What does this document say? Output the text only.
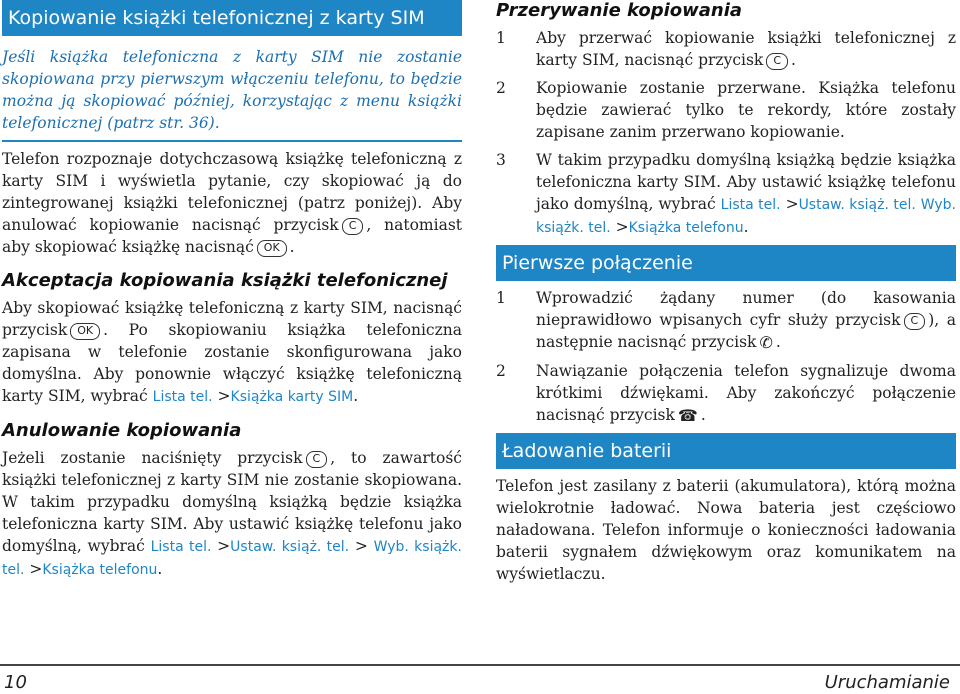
Kopiowanie książki telefonicznej z karty SIM

Jeśli książka telefoniczna z karty SIM nie zostanie skopiowana przy pierwszym włączeniu telefonu, to będzie można ją skopiować później, korzystając z menu książki telefonicznej (patrz str. 36).

Telefon rozpoznaje dotychczasową książkę telefoniczną z karty SIM i wyświetla pytanie, czy skopiować ją do zintegrowanej książki telefonicznej (patrz poniżej). Aby anulować kopiowanie nacisnąć przycisk C , natomiast aby skopiować książkę nacisnąć OK .

Akceptacja kopiowania książki telefonicznej

Aby skopiować książkę telefoniczną z karty SIM, nacisnąć przycisk OK . Po skopiowaniu książka telefoniczna zapisana w telefonie zostanie skonfigurowana jako domyślna. Aby ponownie włączyć książkę telefoniczną karty SIM, wybrać Lista tel. >Książka karty SIM.

Anulowanie kopiowania

Jeżeli zostanie naciśnięty przycisk C , to zawartość książki telefonicznej z karty SIM nie zostanie skopiowana. W takim przypadku domyślną książką będzie książka telefoniczna karty SIM. Aby ustawić książkę telefonu jako domyślną, wybrać Lista tel. >Ustaw. książ. tel. > Wyb. książk. tel. >Książka telefonu.

Przerywanie kopiowania
1 Aby przerwać kopiowanie książki telefonicznej z karty SIM, nacisnąć przycisk C .
2 Kopiowanie zostanie przerwane. Książka telefonu będzie zawierać tylko te rekordy, które zostały zapisane zanim przerwano kopiowanie.
3 W takim przypadku domyślną książką będzie książka telefoniczna karty SIM. Aby ustawić książkę telefonu jako domyślną, wybrać Lista tel. >Ustaw. książ. tel. Wyb. książk. tel. >Książka telefonu.
Pierwsze połączenie
1 Wprowadzić żądany numer (do kasowania nieprawidłowo wpisanych cyfr służy przycisk C ), a następnie nacisnąć przycisk ✆ .
2 Nawiązanie połączenia telefon sygnalizuje dwoma krótkimi dźwiękami. Aby zakończyć połączenie nacisnąć przycisk ☎ .
Ładowanie baterii

Telefon jest zasilany z baterii (akumulatora), którą można wielokrotnie ładować. Nowa bateria jest częściowo naładowana. Telefon informuje o konieczności ładowania baterii sygnałem dźwiękowym oraz komunikatem na wyświetlaczu.

10	Uruchamianie
